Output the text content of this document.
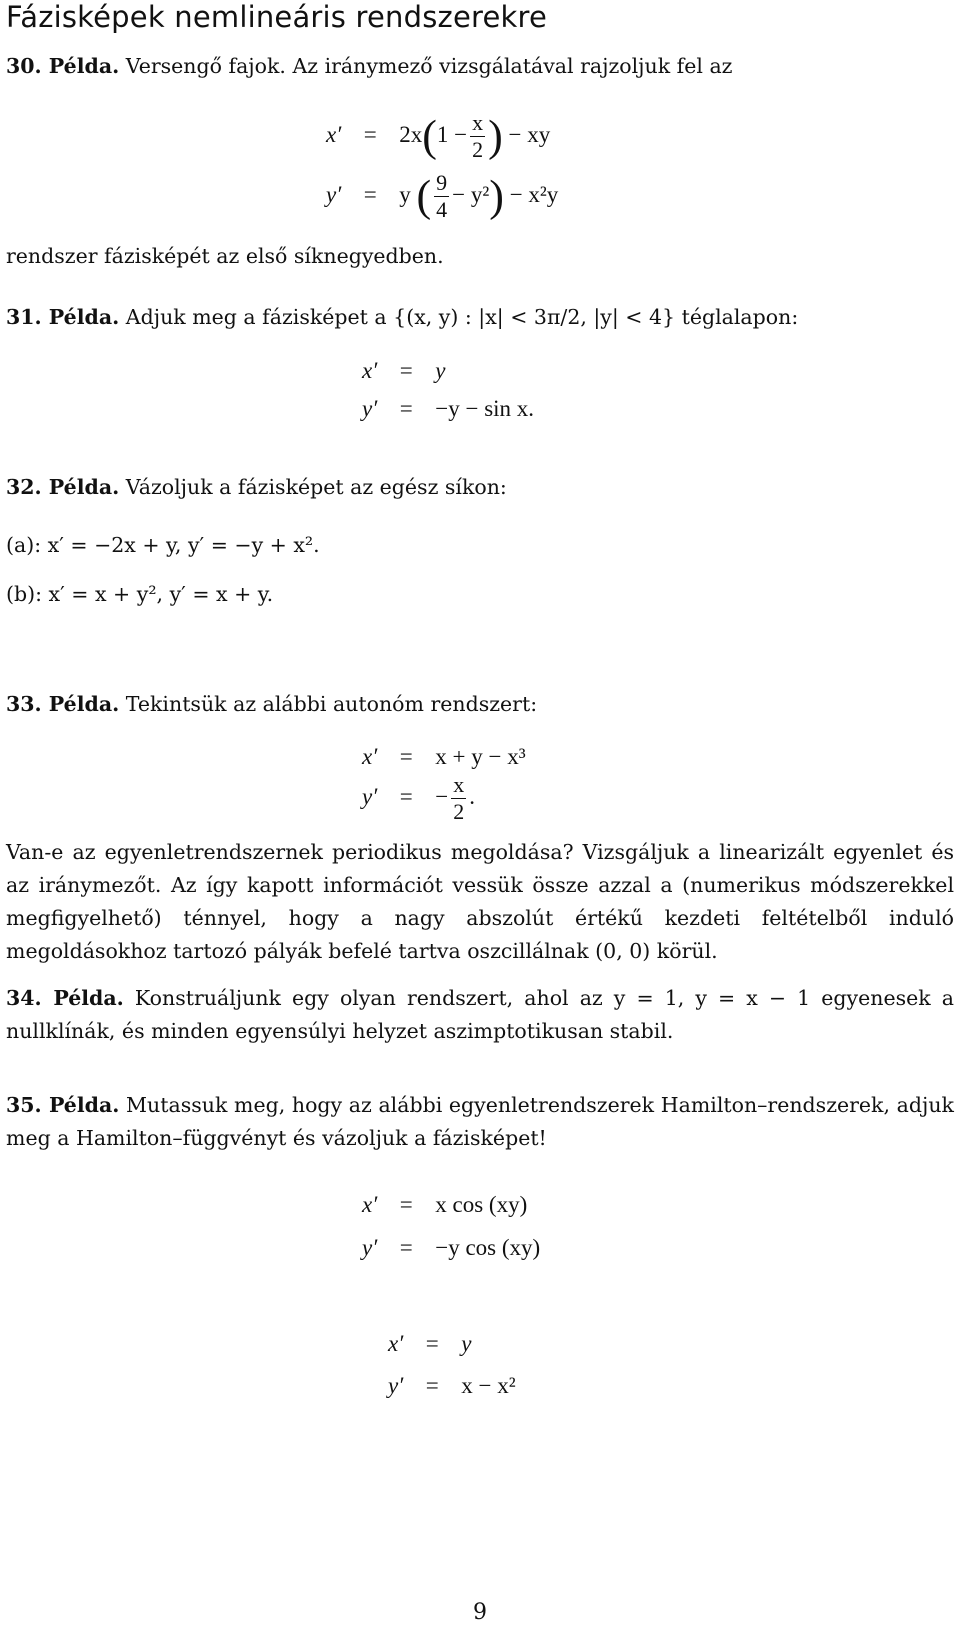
Fázisképek nemlineáris rendszerekre

30. Példa. Versengő fajok. Az iránymező vizsgálatával rajzoljuk fel az

$x' = 2x(1 - \frac{x}{2}$ ) − xy
y′ = y ( $\frac{9}{4} - y^2) - x^2y$

rendszer fázisképét az első síknegyedben.

31. Példa. Adjuk meg a fázisképet a {(x, y) : |x| < 3π/2, |y| < 4} téglalapon:

x′ = y
y′ = −y − sin x.

32. Példa. Vázoljuk a fázisképet az egész síkon:

(a): x′ = −2x + y, y′ = −y + x².

(b): x′ = x + y², y′ = x + y.

33. Példa. Tekintsük az alábbi autonóm rendszert:

x′ = x + y − x³
y′ = − $\frac{x}{2}$ .

Van-e az egyenletrendszernek periodikus megoldása? Vizsgáljuk a linearizált egyenlet és az iránymezőt. Az így kapott információt vessük össze azzal a (numerikus módszerekkel megfigyelhető) ténnyel, hogy a nagy abszolút értékű kezdeti feltételből induló megoldásokhoz tartozó pályák befelé tartva oszcillálnak (0, 0) körül.

34. Példa. Konstruáljunk egy olyan rendszert, ahol az y = 1, y = x − 1 egyenesek a nullklínák, és minden egyensúlyi helyzet aszimptotikusan stabil.

35. Példa. Mutassuk meg, hogy az alábbi egyenletrendszerek Hamilton–rendszerek, adjuk meg a Hamilton–függvényt és vázoljuk a fázisképet!

x′ = x cos (xy)
y′ = −y cos (xy)
x′ = y
y′ = x − x²
9
